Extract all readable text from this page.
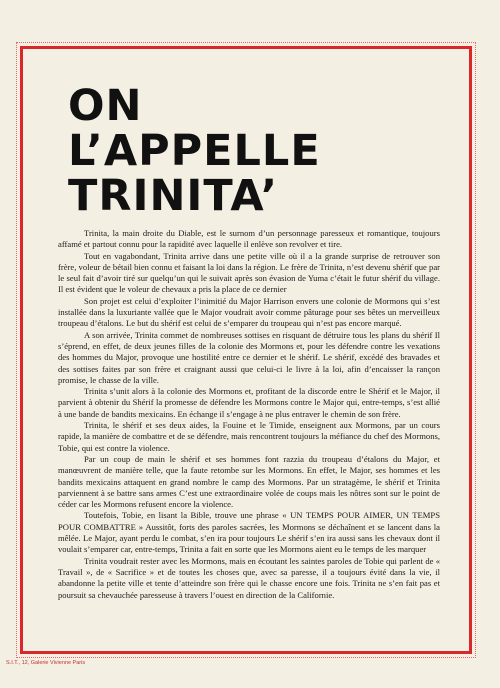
ON
L’APPELLE
TRINITA’

Trinita, la main droite du Diable, est le surnom d’un personnage paresseux et romantique, toujours affamé et partout connu pour la rapidité avec laquelle il enlève son revolver et tire.

Tout en vagabondant, Trinita arrive dans une petite ville où il a la grande surprise de retrouver son frère, voleur de bétail bien connu et faisant la loi dans la région. Le frère de Trinita, n’est devenu shérif que par le seul fait d’avoir tiré sur quelqu’un qui le suivait après son évasion de Yuma c’était le futur shérif du village. Il est évident que le voleur de chevaux a pris la place de ce dernier

Son projet est celui d’exploiter l’inimitié du Major Harrison envers une colonie de Mormons qui s’est installée dans la luxuriante vallée que le Major voudrait avoir comme pâturage pour ses bêtes un merveilleux troupeau d’étalons. Le but du shérif est celui de s’emparer du troupeau qui n’est pas encore marqué.

A son arrivée, Trinita commet de nombreuses sottises en risquant de détruire tous les plans du shérif Il s’éprend, en effet, de deux jeunes filles de la colonie des Mormons et, pour les défendre contre les vexations des hommes du Major, provoque une hostilité entre ce dernier et le shérif. Le shérif, excédé des bravades et des sottises faites par son frère et craignant aussi que celui-ci le livre à la loi, afin d’encaisser la rançon promise, le chasse de la ville.

Trinita s’unit alors à la colonie des Mormons et, profitant de la discorde entre le Shérif et le Major, il parvient à obtenir du Shérif la promesse de défendre les Mormons contre le Major qui, entre-temps, s’est allié à une bande de bandits mexicains. En échange il s’engage à ne plus entraver le chemin de son frère.

Trinita, le shérif et ses deux aides, la Fouine et le Timide, enseignent aux Mormons, par un cours rapide, la manière de combattre et de se défendre, mais rencontrent toujours la méfiance du chef des Mormons, Tobie, qui est contre la violence.

Par un coup de main le shérif et ses hommes font razzia du troupeau d’étalons du Major, et manœuvrent de manière telle, que la faute retombe sur les Mormons. En effet, le Major, ses hommes et les bandits mexicains attaquent en grand nombre le camp des Mormons. Par un stratagème, le shérif et Trinita parviennent à se battre sans armes C’est une extraordinaire volée de coups mais les nôtres sont sur le point de céder car les Mormons refusent encore la violence.

Toutefois, Tobie, en lisant la Bible, trouve une phrase « UN TEMPS POUR AIMER, UN TEMPS POUR COMBATTRE » Aussitôt, forts des paroles sacrées, les Mormons se déchaînent et se lancent dans la mêlée. Le Major, ayant perdu le combat, s’en ira pour toujours Le shérif s’en ira aussi sans les chevaux dont il voulait s’emparer car, entre-temps, Trinita a fait en sorte que les Mormons aient eu le temps de les marquer

Trinita voudrait rester avec les Mormons, mais en écoutant les saintes paroles de Tobie qui parlent de « Travail », de « Sacrifice » et de toutes les choses que, avec sa paresse, il a toujours évité dans la vie, il abandonne la petite ville et tente d’atteindre son frère qui le chasse encore une fois. Trinita ne s’en fait pas et poursuit sa chevauchée paresseuse à travers l’ouest en direction de la Californie.

S.I.T., 12, Galerie Vivienne Paris
